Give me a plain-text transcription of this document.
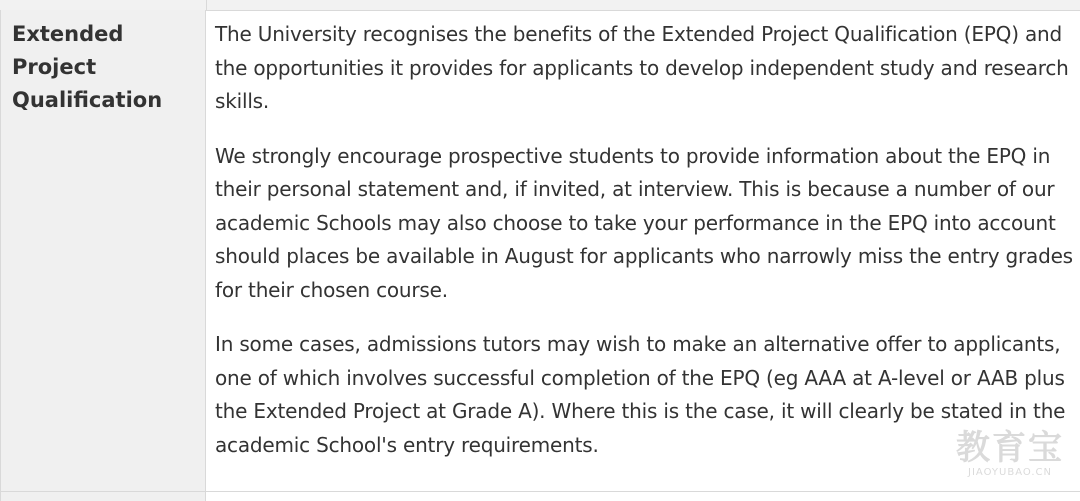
Extended Project Qualification

The University recognises the benefits of the Extended Project Qualification (EPQ) and the opportunities it provides for applicants to develop independent study and research skills.

We strongly encourage prospective students to provide information about the EPQ in their personal statement and, if invited, at interview. This is because a number of our academic Schools may also choose to take your performance in the EPQ into account should places be available in August for applicants who narrowly miss the entry grades for their chosen course.

In some cases, admissions tutors may wish to make an alternative offer to applicants, one of which involves successful completion of the EPQ (eg AAA at A-level or AAB plus the Extended Project at Grade A). Where this is the case, it will clearly be stated in the academic School's entry requirements.	教育宝
JIAOYUBAO.CN
